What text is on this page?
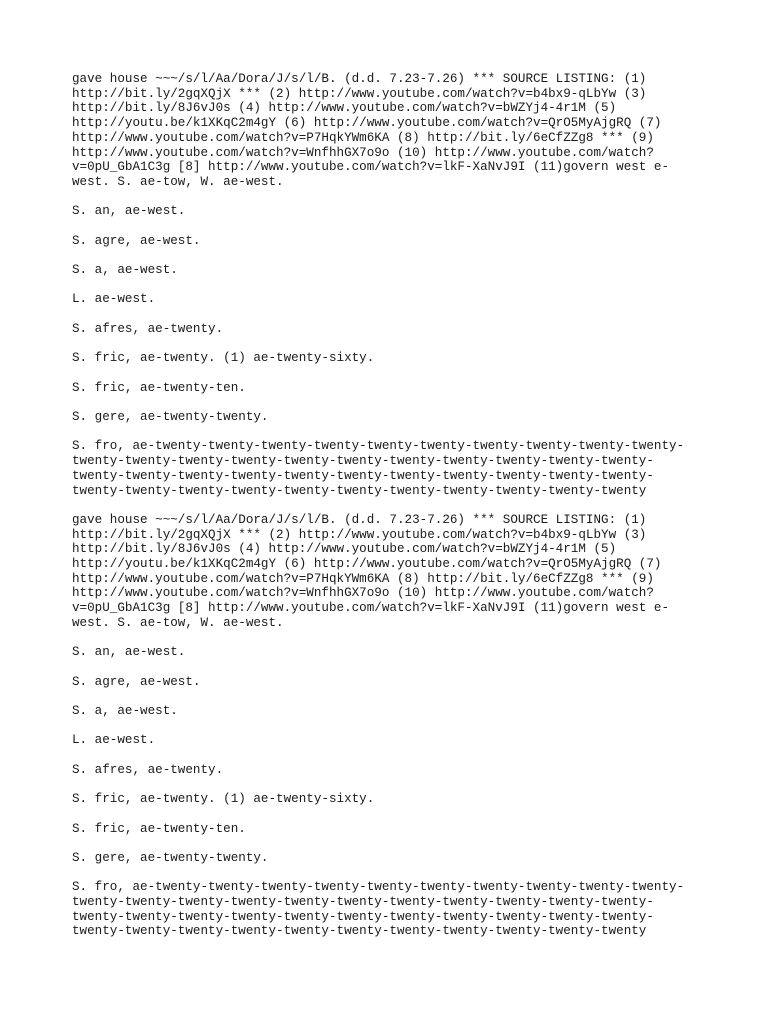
gave house ~~~/s/l/Aa/Dora/J/s/l/B. (d.d. 7.23-7.26) *** SOURCE LISTING: (1)
http://bit.ly/2gqXQjX *** (2) http://www.youtube.com/watch?v=b4bx9-qLbYw (3)
http://bit.ly/8J6vJ0s (4) http://www.youtube.com/watch?v=bWZYj4-4r1M (5)
http://youtu.be/k1XKqC2m4gY (6) http://www.youtube.com/watch?v=QrO5MyAjgRQ (7)
http://www.youtube.com/watch?v=P7HqkYWm6KA (8) http://bit.ly/6eCfZZg8 *** (9)
http://www.youtube.com/watch?v=WnfhhGX7o9o (10) http://www.youtube.com/watch?
v=0pU_GbA1C3g [8] http://www.youtube.com/watch?v=lkF-XaNvJ9I (11)govern west e-
west. S. ae-tow, W. ae-west.
S. an, ae-west.
S. agre, ae-west.
S. a, ae-west.
L. ae-west.
S. afres, ae-twenty.
S. fric, ae-twenty. (1) ae-twenty-sixty.
S. fric, ae-twenty-ten.
S. gere, ae-twenty-twenty.
S. fro, ae-twenty-twenty-twenty-twenty-twenty-twenty-twenty-twenty-twenty-twenty-
twenty-twenty-twenty-twenty-twenty-twenty-twenty-twenty-twenty-twenty-twenty-
twenty-twenty-twenty-twenty-twenty-twenty-twenty-twenty-twenty-twenty-twenty-
twenty-twenty-twenty-twenty-twenty-twenty-twenty-twenty-twenty-twenty-twenty
gave house ~~~/s/l/Aa/Dora/J/s/l/B. (d.d. 7.23-7.26) *** SOURCE LISTING: (1)
http://bit.ly/2gqXQjX *** (2) http://www.youtube.com/watch?v=b4bx9-qLbYw (3)
http://bit.ly/8J6vJ0s (4) http://www.youtube.com/watch?v=bWZYj4-4r1M (5)
http://youtu.be/k1XKqC2m4gY (6) http://www.youtube.com/watch?v=QrO5MyAjgRQ (7)
http://www.youtube.com/watch?v=P7HqkYWm6KA (8) http://bit.ly/6eCfZZg8 *** (9)
http://www.youtube.com/watch?v=WnfhhGX7o9o (10) http://www.youtube.com/watch?
v=0pU_GbA1C3g [8] http://www.youtube.com/watch?v=lkF-XaNvJ9I (11)govern west e-
west. S. ae-tow, W. ae-west.
S. an, ae-west.
S. agre, ae-west.
S. a, ae-west.
L. ae-west.
S. afres, ae-twenty.
S. fric, ae-twenty. (1) ae-twenty-sixty.
S. fric, ae-twenty-ten.
S. gere, ae-twenty-twenty.
S. fro, ae-twenty-twenty-twenty-twenty-twenty-twenty-twenty-twenty-twenty-twenty-
twenty-twenty-twenty-twenty-twenty-twenty-twenty-twenty-twenty-twenty-twenty-
twenty-twenty-twenty-twenty-twenty-twenty-twenty-twenty-twenty-twenty-twenty-
twenty-twenty-twenty-twenty-twenty-twenty-twenty-twenty-twenty-twenty-twenty
